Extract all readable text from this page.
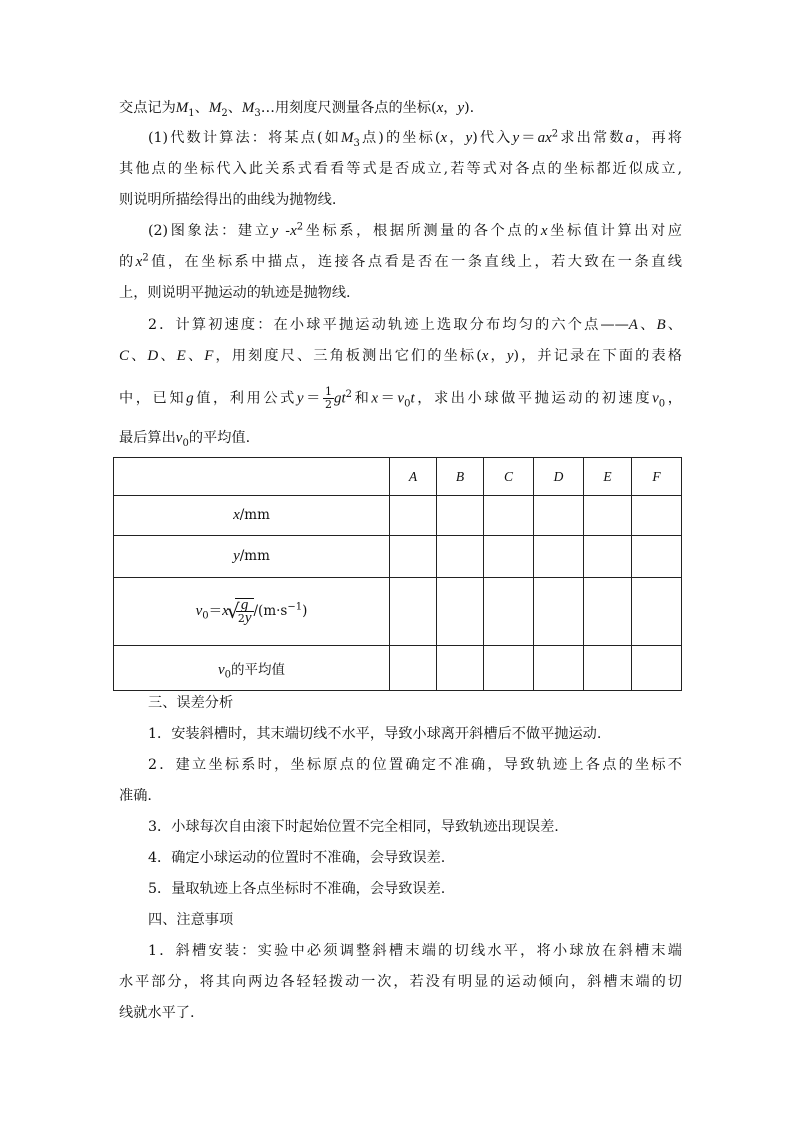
交点记为$M_1$、$M_2$、$M_3\dots$用刻度尺测量各点的坐标(x，y).
(1)代数计算法：将某点(如$M_3$点)的坐标(x，y)代入$y=ax^2$求出常数a，再将
其他点的坐标代入此关系式看看等式是否成立,若等式对各点的坐标都近似成立,
则说明所描绘得出的曲线为抛物线.
(2)图象法：建立y $-x^2$坐标系，根据所测量的各个点的x坐标值计算出对应
的$x^2$值，在坐标系中描点，连接各点看是否在一条直线上，若大致在一条直线
上，则说明平抛运动的轨迹是抛物线.
2．计算初速度：在小球平抛运动轨迹上选取分布均匀的六个点——A、B、
C、D、E、F，用刻度尺、三角板测出它们的坐标(x，y)，并记录在下面的表格
中，已知g值，利用公式$y= \frac{1}{2} gt^2$和$x=v_0t$，求出小球做平抛运动的初速度$v_0$，
最后算出$v_0$的平均值.
	A	B	C	D	E	F
x/mm						
y/mm						
$v_0=x$ √ $\frac{g}{2y} /(m\cdot s^{-1})$						
$v_0$的平均值						
三、误差分析
1．安装斜槽时，其末端切线不水平，导致小球离开斜槽后不做平抛运动.
2．建立坐标系时，坐标原点的位置确定不准确，导致轨迹上各点的坐标不
准确.
3．小球每次自由滚下时起始位置不完全相同，导致轨迹出现误差.
4．确定小球运动的位置时不准确，会导致误差.
5．量取轨迹上各点坐标时不准确，会导致误差.
四、注意事项
1．斜槽安装：实验中必须调整斜槽末端的切线水平，将小球放在斜槽末端
水平部分，将其向两边各轻轻拨动一次，若没有明显的运动倾向，斜槽末端的切
线就水平了.
